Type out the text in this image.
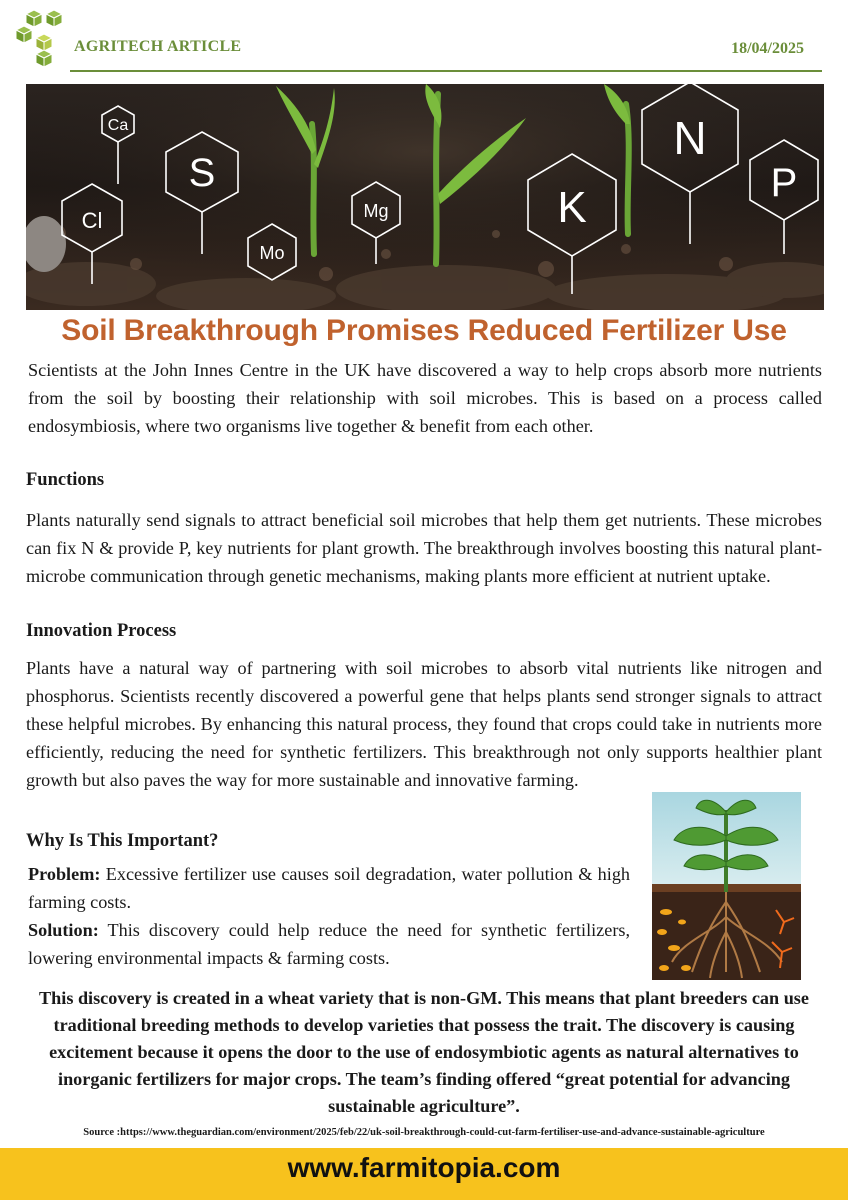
AGRITECH ARTICLE	18/04/2025
Ca
S
Cl
Mo
Mg	K
N
P
Soil Breakthrough Promises Reduced Fertilizer Use

Scientists at the John Innes Centre in the UK have discovered a way to help crops absorb more nutrients from the soil by boosting their relationship with soil microbes. This is based on a process called endosymbiosis, where two organisms live together & benefit from each other.

Functions

Plants naturally send signals to attract beneficial soil microbes that help them get nutrients. These microbes can fix N & provide P, key nutrients for plant growth. The breakthrough involves boosting this natural plant-microbe communication through genetic mechanisms, making plants more efficient at nutrient uptake.

Innovation Process

Plants have a natural way of partnering with soil microbes to absorb vital nutrients like nitrogen and phosphorus. Scientists recently discovered a powerful gene that helps plants send stronger signals to attract these helpful microbes. By enhancing this natural process, they found that crops could take in nutrients more efficiently, reducing the need for synthetic fertilizers. This breakthrough not only supports healthier plant growth but also paves the way for more sustainable and innovative farming.

Why Is This Important?

Problem: Excessive fertilizer use causes soil degradation, water pollution & high farming costs.

Solution: This discovery could help reduce the need for synthetic fertilizers, lowering environmental impacts & farming costs.

This discovery is created in a wheat variety that is non-GM. This means that plant breeders can use traditional breeding methods to develop varieties that possess the trait. The discovery is causing excitement because it opens the door to the use of endosymbiotic agents as natural alternatives to inorganic fertilizers for major crops. The team’s finding offered “great potential for advancing sustainable agriculture”.

Source :https://www.theguardian.com/environment/2025/feb/22/uk-soil-breakthrough-could-cut-farm-fertiliser-use-and-advance-sustainable-agriculture
www.farmitopia.com
